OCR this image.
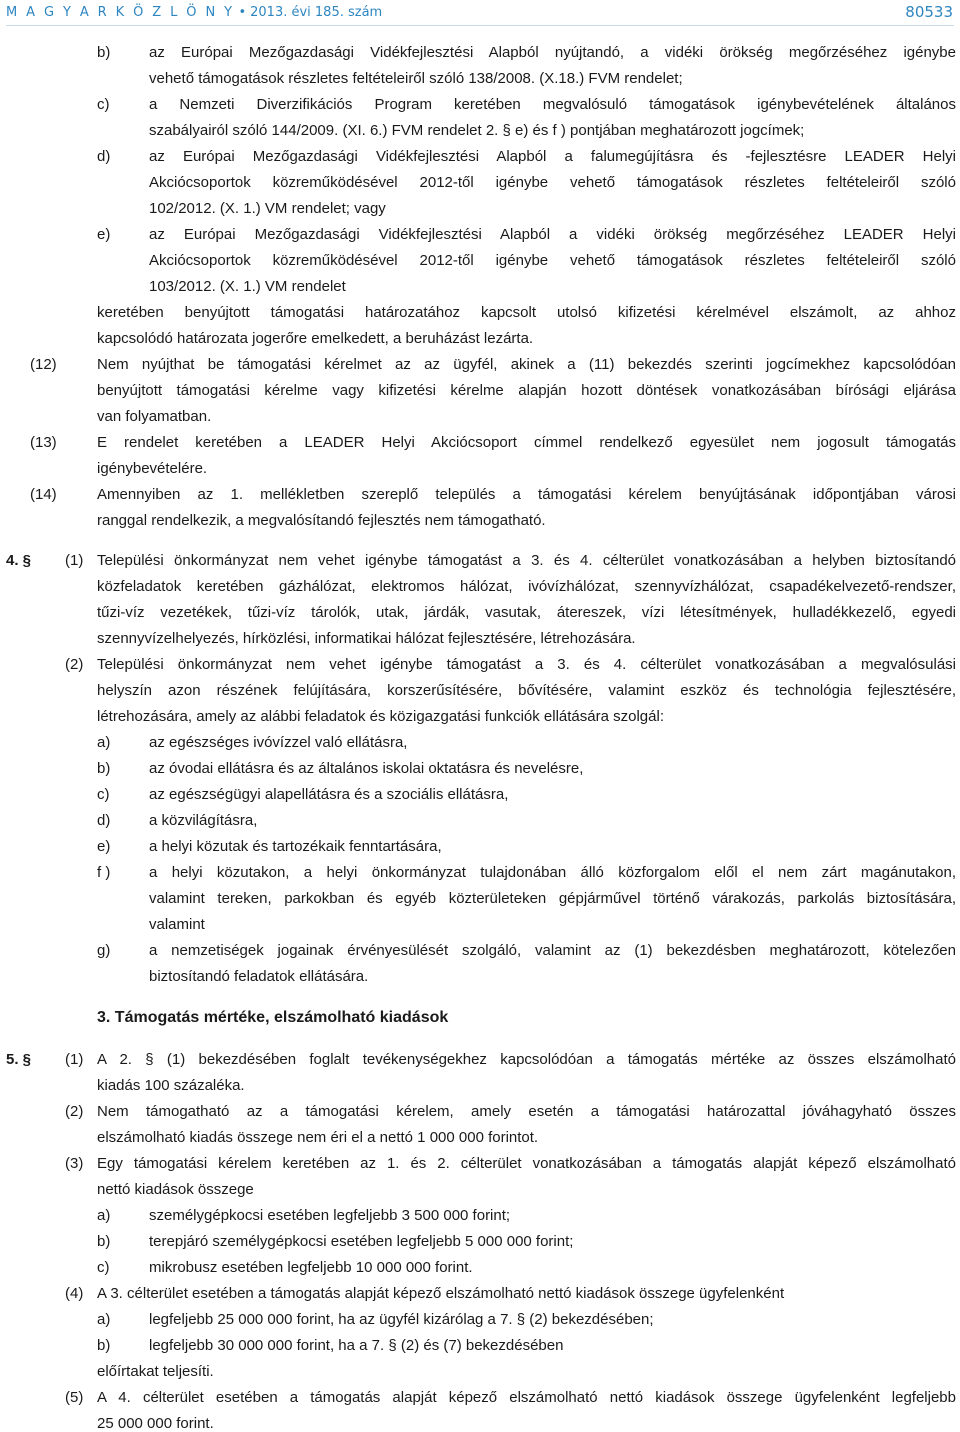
M A G Y A R K Ö Z L Ö N Y • 2013. évi 185. szám	80533
b)	az Európai Mezőgazdasági Vidékfejlesztési Alapból nyújtandó, a vidéki örökség megőrzéséhez igénybe
vehető támogatások részletes feltételeiről szóló 138/2008. (X.18.) FVM rendelet;
c)	a Nemzeti Diverzifikációs Program keretében megvalósuló támogatások igénybevételének általános
szabályairól szóló 144/2009. (XI. 6.) FVM rendelet 2. § e) és f ) pontjában meghatározott jogcímek;
d)	az Európai Mezőgazdasági Vidékfejlesztési Alapból a falumegújításra és -fejlesztésre LEADER Helyi
Akciócsoportok közreműködésével 2012-től igénybe vehető támogatások részletes feltételeiről szóló
102/2012. (X. 1.) VM rendelet; vagy
e)	az Európai Mezőgazdasági Vidékfejlesztési Alapból a vidéki örökség megőrzéséhez LEADER Helyi
Akciócsoportok közreműködésével 2012-től igénybe vehető támogatások részletes feltételeiről szóló
103/2012. (X. 1.) VM rendelet
keretében benyújtott támogatási határozatához kapcsolt utolsó kifizetési kérelmével elszámolt, az ahhoz
kapcsolódó határozata jogerőre emelkedett, a beruházást lezárta.
(12)	Nem nyújthat be támogatási kérelmet az az ügyfél, akinek a (11) bekezdés szerinti jogcímekhez kapcsolódóan
benyújtott támogatási kérelme vagy kifizetési kérelme alapján hozott döntések vonatkozásában bírósági eljárása
van folyamatban.
(13)	E rendelet keretében a LEADER Helyi Akciócsoport címmel rendelkező egyesület nem jogosult támogatás
igénybevételére.
(14)	Amennyiben az 1. mellékletben szereplő település a támogatási kérelem benyújtásának időpontjában városi
ranggal rendelkezik, a megvalósítandó fejlesztés nem támogatható.
4. § (1) Települési önkormányzat nem vehet igénybe támogatást a 3. és 4. célterület vonatkozásában a helyben biztosítandó
közfeladatok keretében gázhálózat, elektromos hálózat, ivóvízhálózat, szennyvízhálózat, csapadékelvezető-rendszer,
tűzi-víz vezetékek, tűzi-víz tárolók, utak, járdák, vasutak, átereszek, vízi létesítmények, hulladékkezelő, egyedi
szennyvízelhelyezés, hírközlési, informatikai hálózat fejlesztésére, létrehozására.
(2) Települési önkormányzat nem vehet igénybe támogatást a 3. és 4. célterület vonatkozásában a megvalósulási
helyszín azon részének felújítására, korszerűsítésére, bővítésére, valamint eszköz és technológia fejlesztésére,
létrehozására, amely az alábbi feladatok és közigazgatási funkciók ellátására szolgál:
a)	az egészséges ivóvízzel való ellátásra,
b)	az óvodai ellátásra és az általános iskolai oktatásra és nevelésre,
c)	az egészségügyi alapellátásra és a szociális ellátásra,
d)	a közvilágításra,
e)	a helyi közutak és tartozékaik fenntartására,
f )	a helyi közutakon, a helyi önkormányzat tulajdonában álló közforgalom elől el nem zárt magánutakon,
valamint tereken, parkokban és egyéb közterületeken gépjárművel történő várakozás, parkolás biztosítására,
valamint
g)	a nemzetiségek jogainak érvényesülését szolgáló, valamint az (1) bekezdésben meghatározott, kötelezően
biztosítandó feladatok ellátására.
3. Támogatás mértéke, elszámolható kiadások
5. § (1) A 2. § (1) bekezdésében foglalt tevékenységekhez kapcsolódóan a támogatás mértéke az összes elszámolható
kiadás 100 százaléka.
(2) Nem támogatható az a támogatási kérelem, amely esetén a támogatási határozattal jóváhagyható összes
elszámolható kiadás összege nem éri el a nettó 1 000 000 forintot.
(3) Egy támogatási kérelem keretében az 1. és 2. célterület vonatkozásában a támogatás alapját képező elszámolható
nettó kiadások összege
a)	személygépkocsi esetében legfeljebb 3 500 000 forint;
b)	terepjáró személygépkocsi esetében legfeljebb 5 000 000 forint;
c)	mikrobusz esetében legfeljebb 10 000 000 forint.
(4) A 3. célterület esetében a támogatás alapját képező elszámolható nettó kiadások összege ügyfelenként
a)	legfeljebb 25 000 000 forint, ha az ügyfél kizárólag a 7. § (2) bekezdésében;
b)	legfeljebb 30 000 000 forint, ha a 7. § (2) és (7) bekezdésében
előírtakat teljesíti.
(5) A 4. célterület esetében a támogatás alapját képező elszámolható nettó kiadások összege ügyfelenként legfeljebb
25 000 000 forint.
